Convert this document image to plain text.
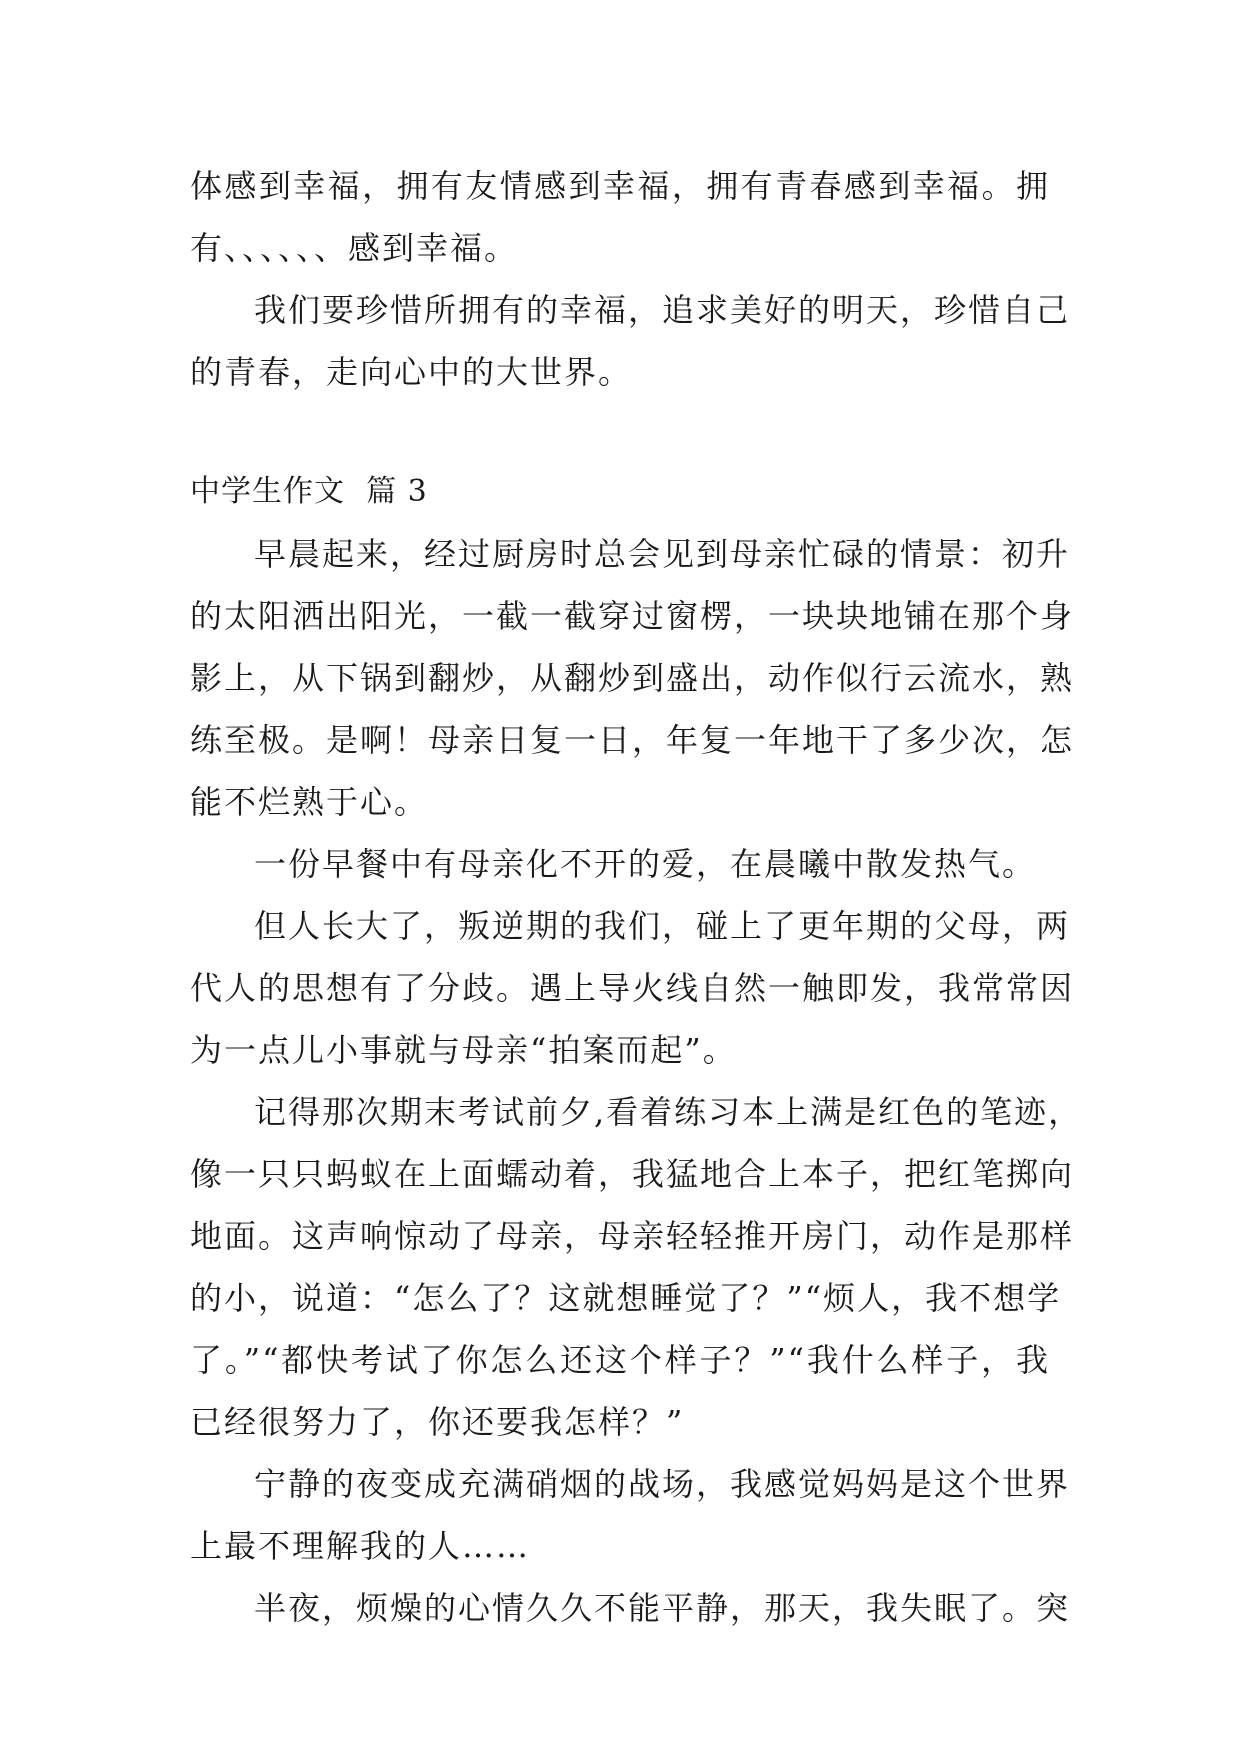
体感到幸福，拥有友情感到幸福，拥有青春感到幸福。拥
有、、、、、、感到幸福。
我们要珍惜所拥有的幸福，追求美好的明天，珍惜自己
的青春，走向心中的大世界。
中学生作文  篇 3
早晨起来，经过厨房时总会见到母亲忙碌的情景：初升
的太阳洒出阳光，一截一截穿过窗楞，一块块地铺在那个身
影上，从下锅到翻炒，从翻炒到盛出，动作似行云流水，熟
练至极。是啊！母亲日复一日，年复一年地干了多少次，怎
能不烂熟于心。
一份早餐中有母亲化不开的爱，在晨曦中散发热气。
但人长大了，叛逆期的我们，碰上了更年期的父母，两
代人的思想有了分歧。遇上导火线自然一触即发，我常常因
为一点儿小事就与母亲“拍案而起”。
记得那次期末考试前夕,看着练习本上满是红色的笔迹，
像一只只蚂蚁在上面蠕动着，我猛地合上本子，把红笔掷向
地面。这声响惊动了母亲，母亲轻轻推开房门，动作是那样
的小，说道：“怎么了？这就想睡觉了？”“烦人，我不想学
了。”“都快考试了你怎么还这个样子？”“我什么样子，我
已经很努力了，你还要我怎样？”
宁静的夜变成充满硝烟的战场，我感觉妈妈是这个世界
上最不理解我的人……
半夜，烦燥的心情久久不能平静，那天，我失眠了。突
